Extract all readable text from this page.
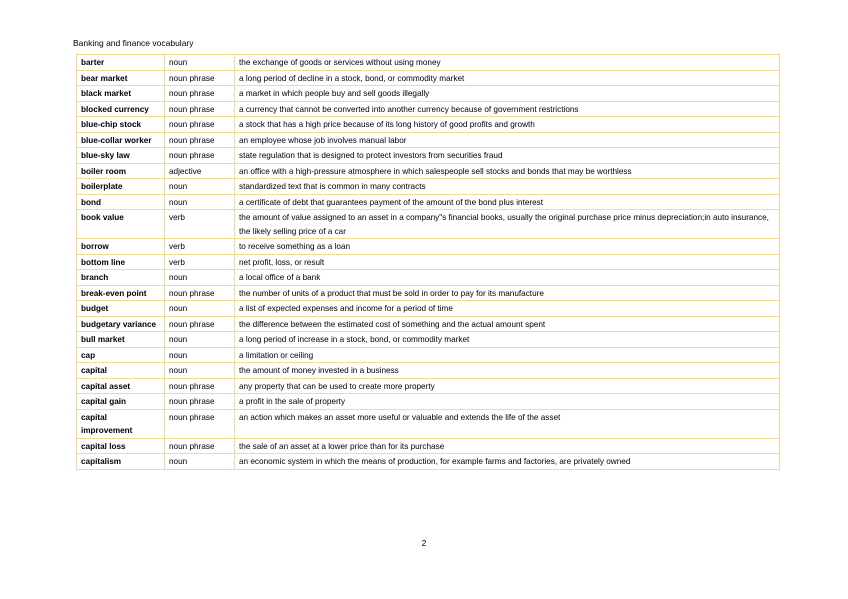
Banking and finance vocabulary
barter	noun	the exchange of goods or services without using money
bear market	noun phrase	a long period of decline in a stock, bond, or commodity market
black market	noun phrase	a market in which people buy and sell goods illegally
blocked currency	noun phrase	a currency that cannot be converted into another currency because of government restrictions
blue-chip stock	noun phrase	a stock that has a high price because of its long history of good profits and growth
blue-collar worker	noun phrase	an employee whose job involves manual labor
blue-sky law	noun phrase	state regulation that is designed to protect investors from securities fraud
boiler room	adjective	an office with a high-pressure atmosphere in which salespeople sell stocks and bonds that may be worthless
boilerplate	noun	standardized text that is common in many contracts
bond	noun	a certificate of debt that guarantees payment of the amount of the bond plus interest
book value	verb	the amount of value assigned to an asset in a company"s financial books, usually the original purchase price minus depreciation;in auto insurance, the likely selling price of a car
borrow	verb	to receive something as a loan
bottom line	verb	net profit, loss, or result
branch	noun	a local office of a bank
break-even point	noun phrase	the number of units of a product that must be sold in order to pay for its manufacture
budget	noun	a list of expected expenses and income for a period of time
budgetary variance	noun phrase	the difference between the estimated cost of something and the actual amount spent
bull market	noun	a long period of increase in a stock, bond, or commodity market
cap	noun	a limitation or ceiling
capital	noun	the amount of money invested in a business
capital asset	noun phrase	any property that can be used to create more property
capital gain	noun phrase	a profit in the sale of property
capital improvement	noun phrase	an action which makes an asset more useful or valuable and extends the life of the asset
capital loss	noun phrase	the sale of an asset at a lower price than for its purchase
capitalism	noun	an economic system in which the means of production, for example farms and factories, are privately owned
2
